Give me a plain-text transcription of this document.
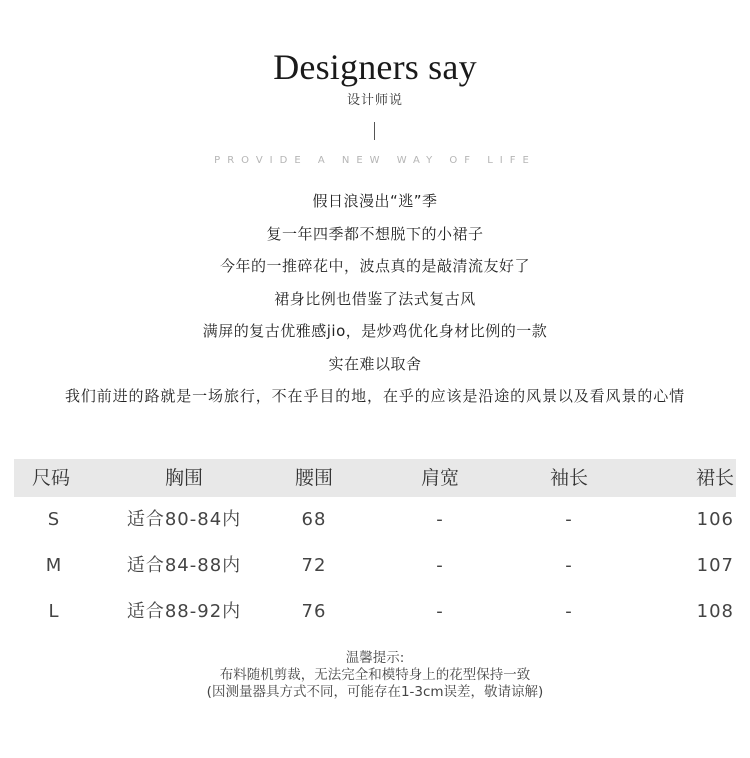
Designers say
设计师说
PROVIDE A NEW WAY OF LIFE
假日浪漫出“逃”季
复一年四季都不想脱下的小裙子
今年的一推碎花中，波点真的是敲清流友好了
裙身比例也借鉴了法式复古风
满屏的复古优雅感jio，是炒鸡优化身材比例的一款
实在难以取舍
我们前进的路就是一场旅行，不在乎目的地，在乎的应该是沿途的风景以及看风景的心情
尺码	胸围	腰围	肩宽	袖长	裙长
S	适合80-84内	68	-	-	106
M	适合84-88内	72	-	-	107
L	适合88-92内	76	-	-	108
温馨提示:
布料随机剪裁，无法完全和模特身上的花型保持一致
(因测量器具方式不同，可能存在1-3cm误差，敬请谅解)
